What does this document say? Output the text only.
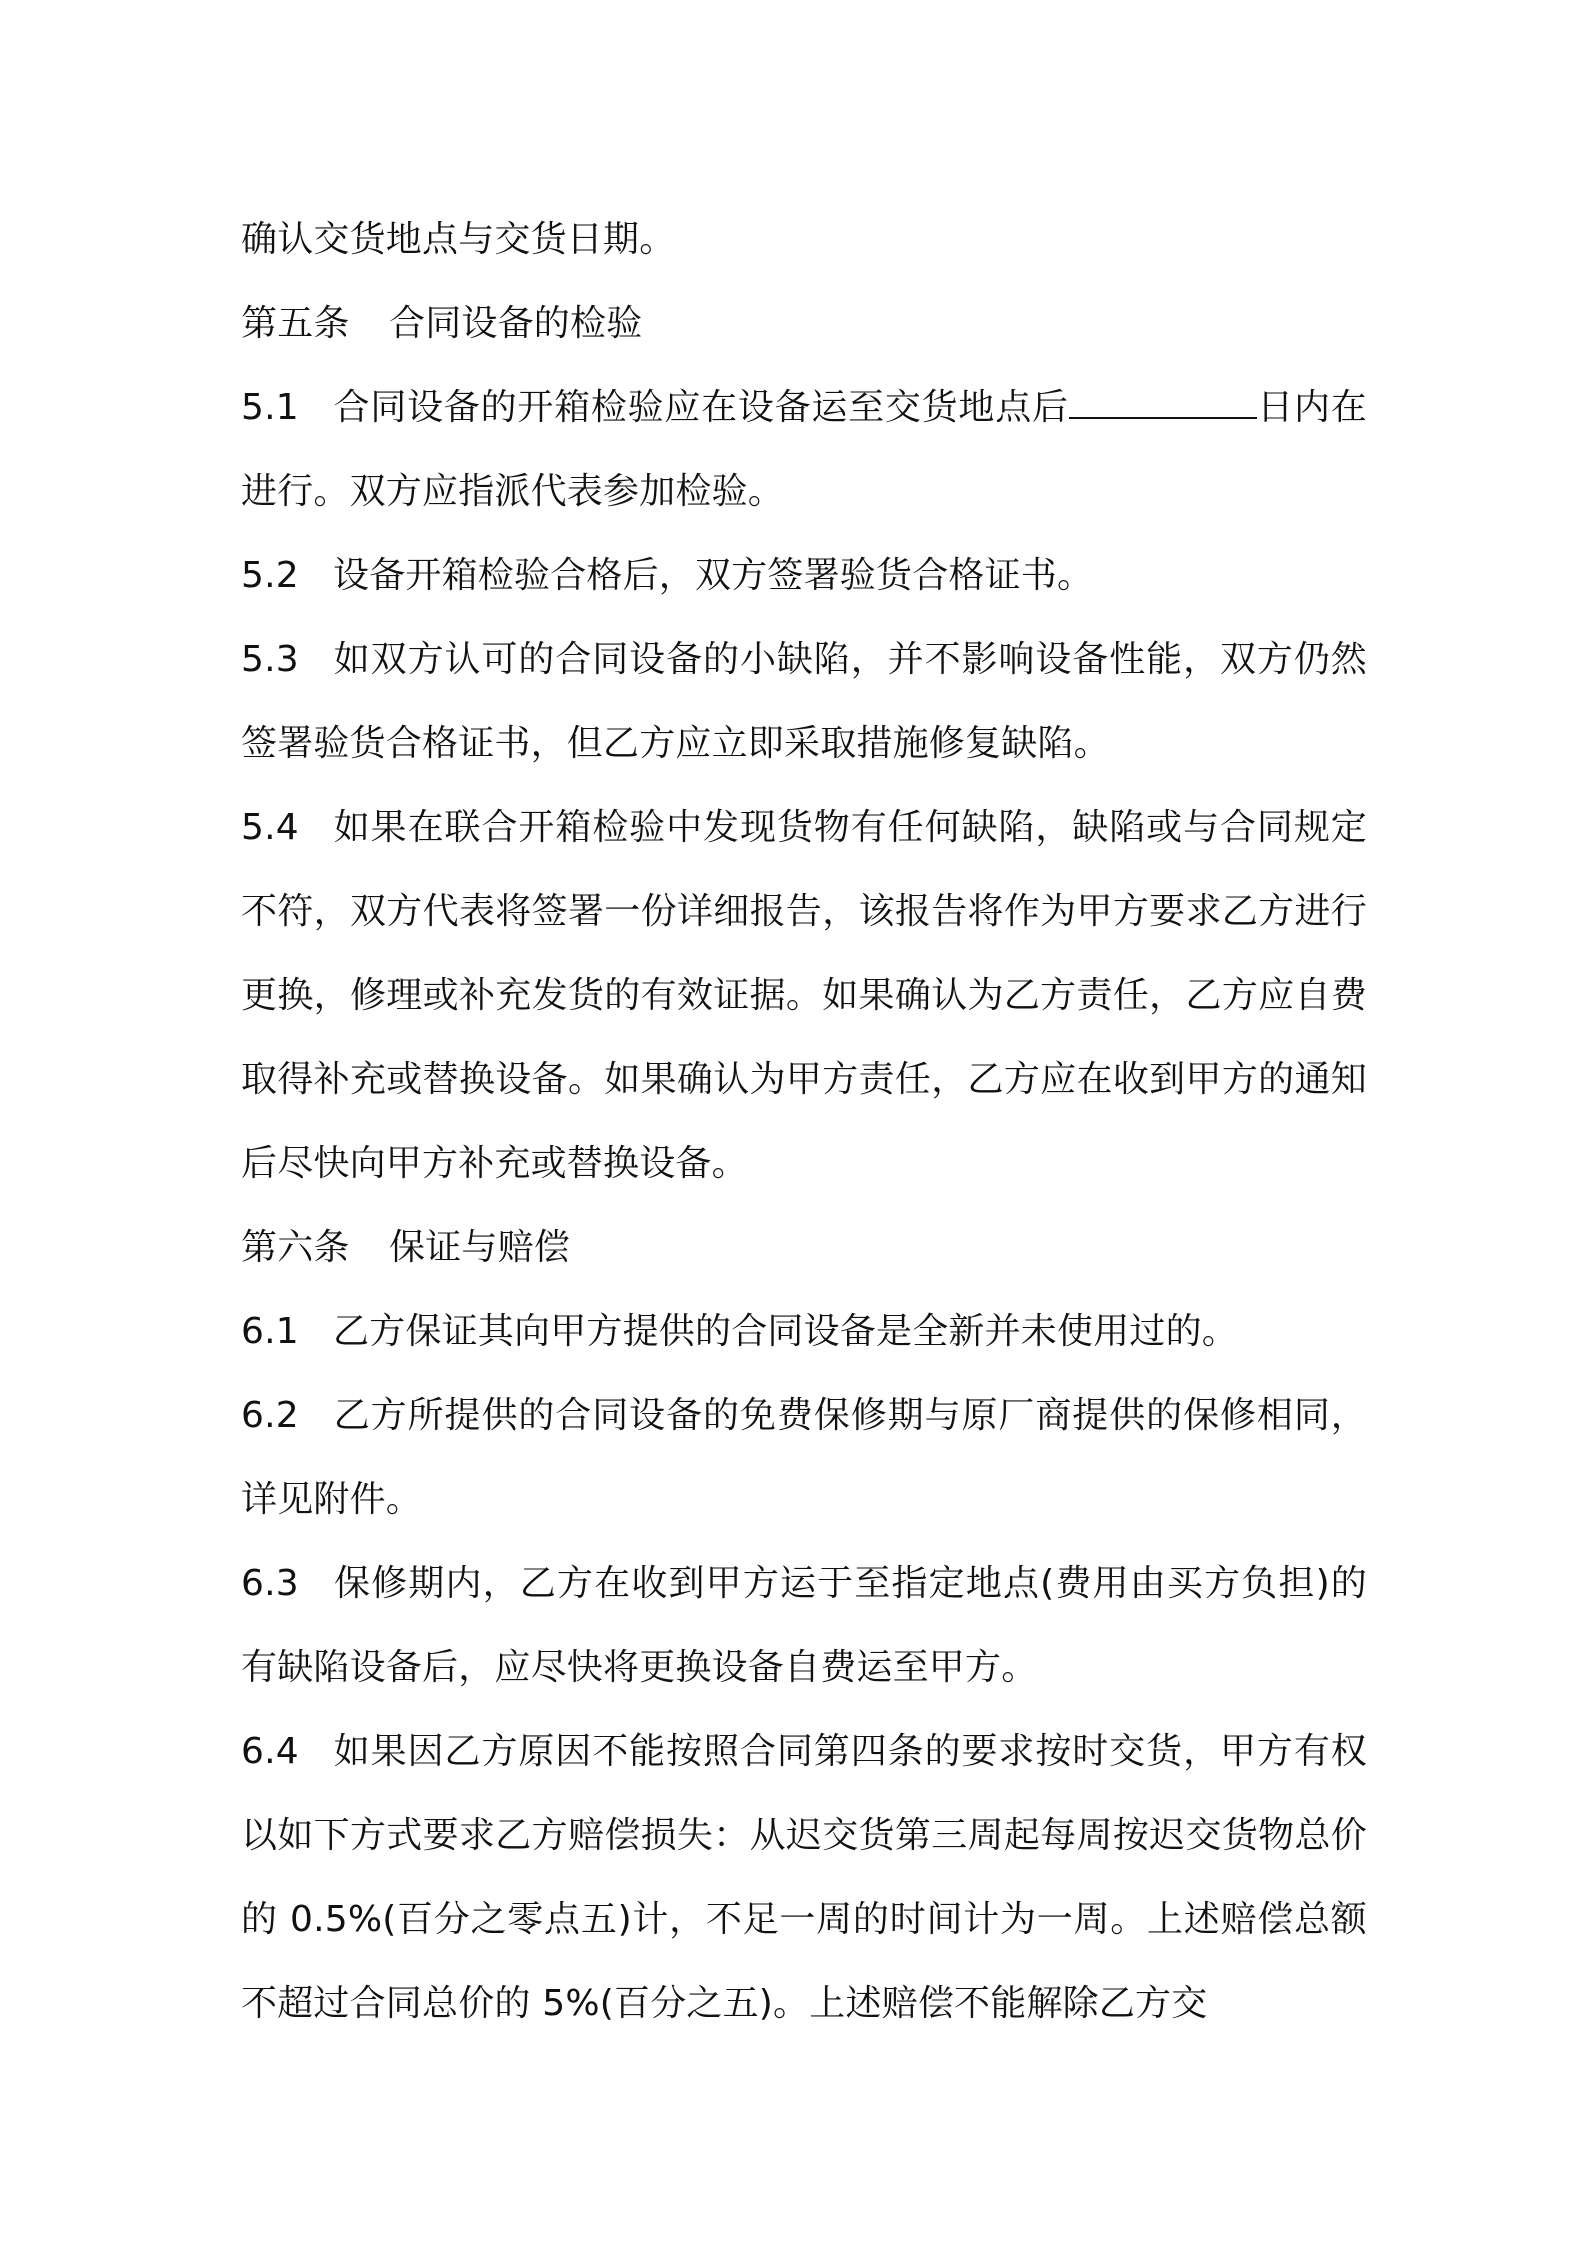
确认交货地点与交货日期。

第五条 合同设备的检验

5.1 合同设备的开箱检验应在设备运至交货地点后	日内在进行。双方应指派代表参加检验。

5.2 设备开箱检验合格后，双方签署验货合格证书。

5.3 如双方认可的合同设备的小缺陷，并不影响设备性能，双方仍然签署验货合格证书，但乙方应立即采取措施修复缺陷。

5.4 如果在联合开箱检验中发现货物有任何缺陷，缺陷或与合同规定不符，双方代表将签署一份详细报告，该报告将作为甲方要求乙方进行更换，修理或补充发货的有效证据。如果确认为乙方责任，乙方应自费取得补充或替换设备。如果确认为甲方责任，乙方应在收到甲方的通知后尽快向甲方补充或替换设备。

第六条 保证与赔偿

6.1 乙方保证其向甲方提供的合同设备是全新并未使用过的。

6.2 乙方所提供的合同设备的免费保修期与原厂商提供的保修相同，详见附件。

6.3 保修期内，乙方在收到甲方运于至指定地点(费用由买方负担)的有缺陷设备后，应尽快将更换设备自费运至甲方。

6.4 如果因乙方原因不能按照合同第四条的要求按时交货，甲方有权以如下方式要求乙方赔偿损失：从迟交货第三周起每周按迟交货物总价的 0.5%(百分之零点五)计，不足一周的时间计为一周。上述赔偿总额不超过合同总价的 5%(百分之五)。上述赔偿不能解除乙方交
